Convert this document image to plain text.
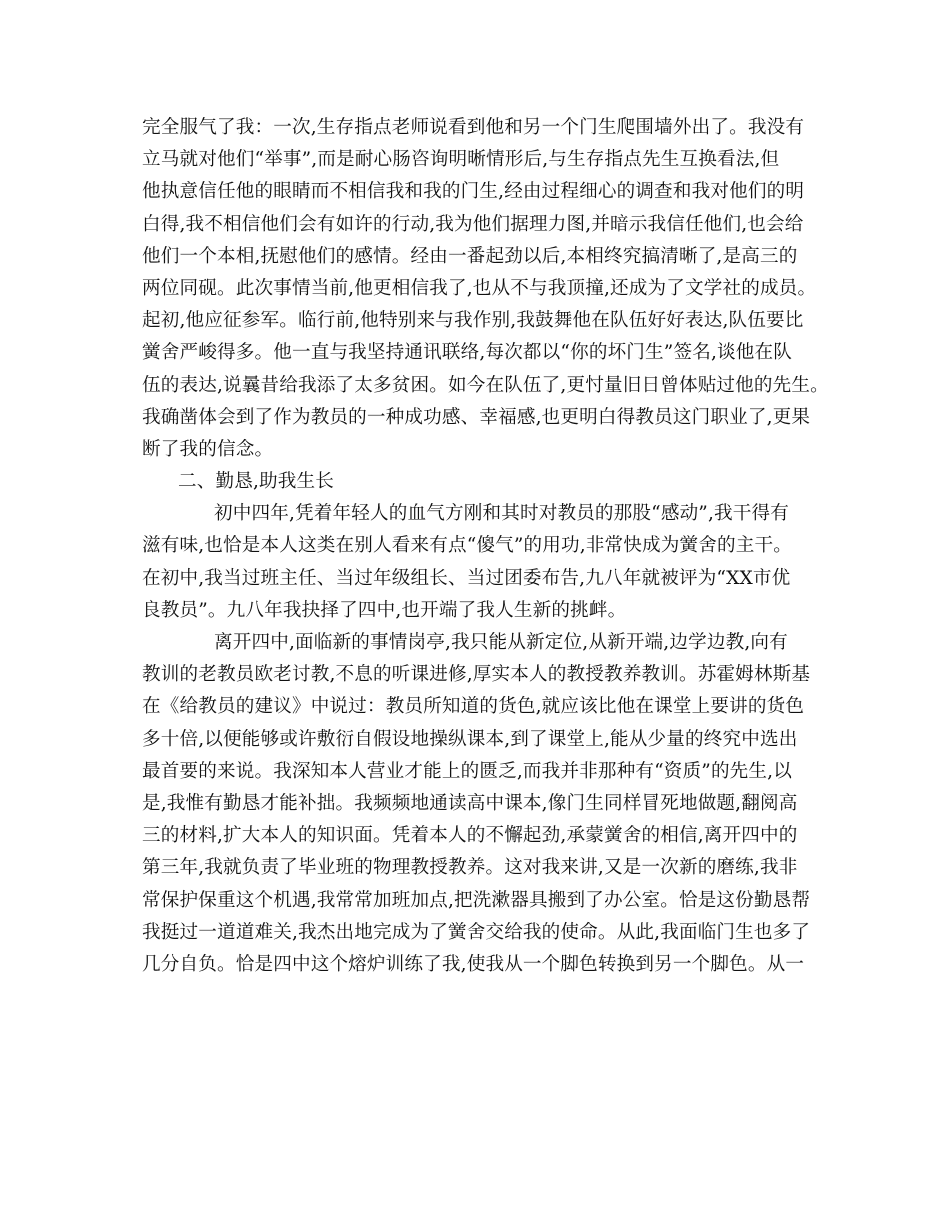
完全服气了我：一次,生存指点老师说看到他和另一个门生爬围墙外出了。我没有
立马就对他们“举事”,而是耐心肠咨询明晰情形后,与生存指点先生互换看法,但
他执意信任他的眼睛而不相信我和我的门生,经由过程细心的调查和我对他们的明
白得,我不相信他们会有如许的行动,我为他们据理力图,并暗示我信任他们,也会给
他们一个本相,抚慰他们的感情。经由一番起劲以后,本相终究搞清晰了,是高三的
两位同砚。此次事情当前,他更相信我了,也从不与我顶撞,还成为了文学社的成员。
起初,他应征参军。临行前,他特别来与我作别,我鼓舞他在队伍好好表达,队伍要比
黉舍严峻得多。他一直与我坚持通讯联络,每次都以“你的坏门生”签名,谈他在队
伍的表达,说曩昔给我添了太多贫困。如今在队伍了,更忖量旧日曾体贴过他的先生。
我确凿体会到了作为教员的一种成功感、幸福感,也更明白得教员这门职业了,更果
断了我的信念。
二、勤恳,助我生长
初中四年,凭着年轻人的血气方刚和其时对教员的那股“感动”,我干得有
滋有味,也恰是本人这类在别人看来有点“傻气”的用功,非常快成为黉舍的主干。
在初中,我当过班主任、当过年级组长、当过团委布告,九八年就被评为“XX市优
良教员”。九八年我抉择了四中,也开端了我人生新的挑衅。
离开四中,面临新的事情岗亭,我只能从新定位,从新开端,边学边教,向有
教训的老教员欧老讨教,不息的听课进修,厚实本人的教授教养教训。苏霍姆林斯基
在《给教员的建议》中说过：教员所知道的货色,就应该比他在课堂上要讲的货色
多十倍,以便能够或许敷衍自假设地操纵课本,到了课堂上,能从少量的终究中选出
最首要的来说。我深知本人营业才能上的匮乏,而我并非那种有“资质”的先生,以
是,我惟有勤恳才能补拙。我频频地通读高中课本,像门生同样冒死地做题,翻阅高
三的材料,扩大本人的知识面。凭着本人的不懈起劲,承蒙黉舍的相信,离开四中的
第三年,我就负责了毕业班的物理教授教养。这对我来讲,又是一次新的磨练,我非
常保护保重这个机遇,我常常加班加点,把洗漱器具搬到了办公室。恰是这份勤恳帮
我挺过一道道难关,我杰出地完成为了黉舍交给我的使命。从此,我面临门生也多了
几分自负。恰是四中这个熔炉训练了我,使我从一个脚色转换到另一个脚色。从一
